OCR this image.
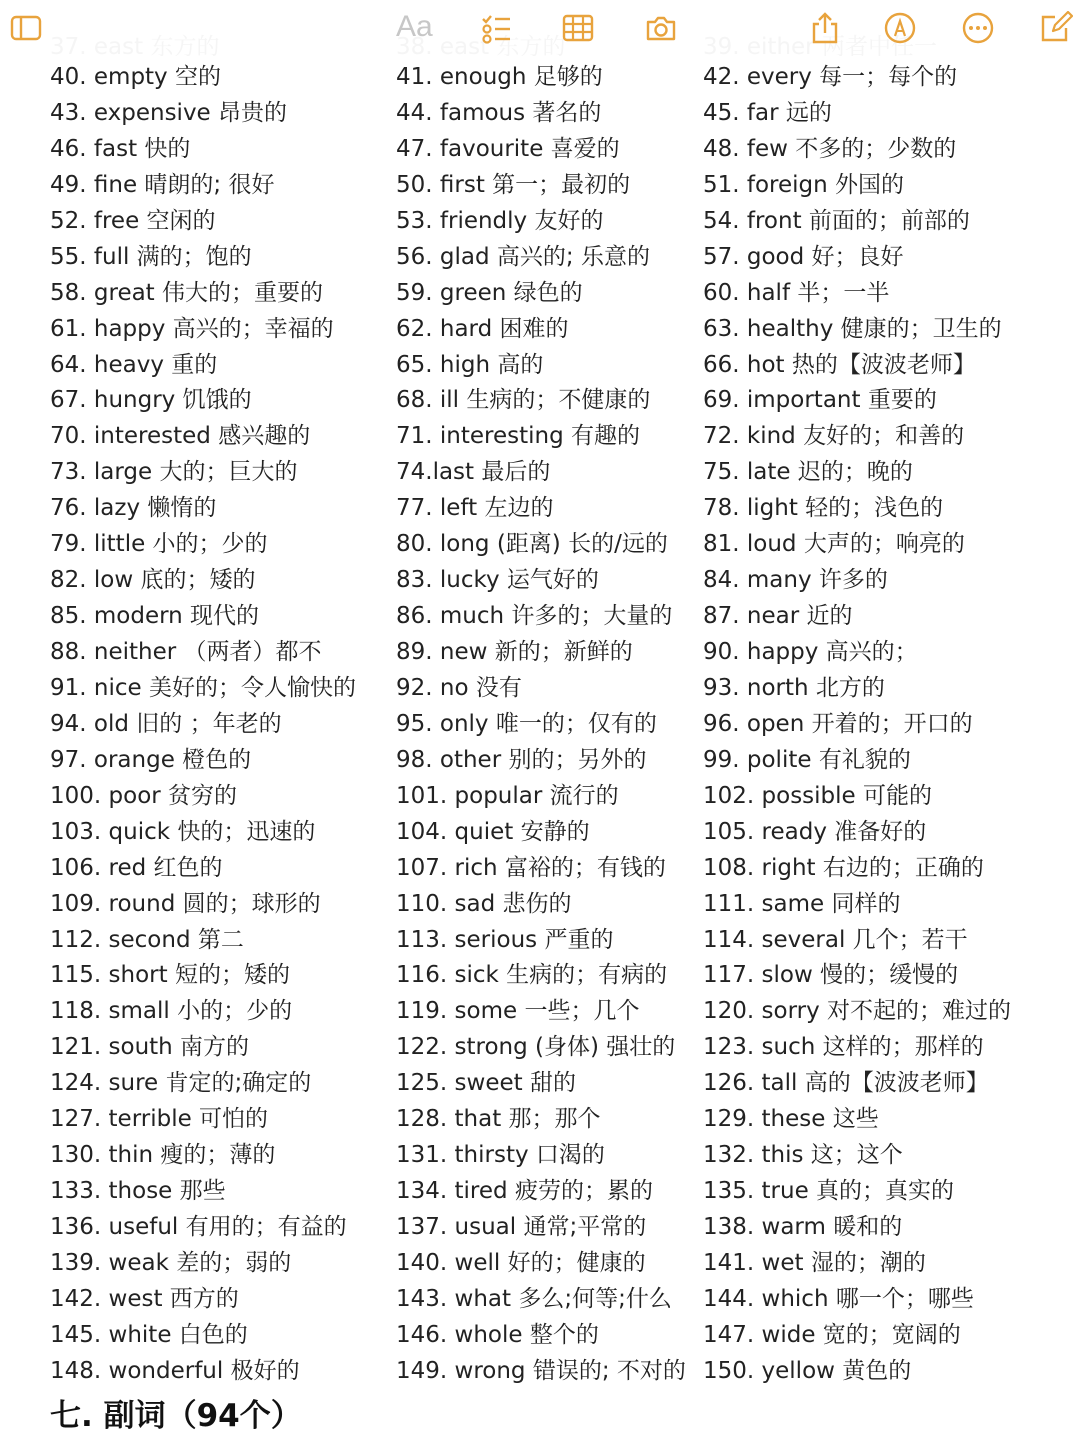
Aa
40. empty 空的	41. enough 足够的	42. every 每一；每个的
43. expensive 昂贵的	44. famous 著名的	45. far 远的
46. fast 快的	47. favourite 喜爱的	48. few 不多的；少数的
49. fine 晴朗的; 很好	50. first 第一；最初的	51. foreign 外国的
52. free 空闲的	53. friendly 友好的	54. front 前面的；前部的
55. full 满的；饱的	56. glad 高兴的; 乐意的 57. good 好；良好
58. great 伟大的；重要的	59. green 绿色的	60. half 半；一半
61. happy 高兴的；幸福的	62. hard 困难的	63. healthy 健康的；卫生的
64. heavy 重的	65. high 高的	66. hot 热的【波波老师】
67. hungry 饥饿的	68. ill 生病的；不健康的 69. important 重要的
70. interested 感兴趣的	71. interesting 有趣的	72. kind 友好的；和善的
73. large 大的；巨大的	74.last 最后的	75. late 迟的；晚的
76. lazy 懒惰的	77. left 左边的	78. light 轻的；浅色的
79. little 小的；少的	80. long (距离) 长的/远的 81. loud 大声的；响亮的
82. low 底的；矮的	83. lucky 运气好的	84. many 许多的
85. modern 现代的	86. much 许多的；大量的 87. near 近的
88. neither （两者）都不	89. new 新的；新鲜的	90. happy 高兴的；
91. nice 美好的；令人愉快的 92. no 没有	93. north 北方的
94. old 旧的 ；年老的	95. only 唯一的；仅有的 96. open 开着的；开口的
97. orange 橙色的	98. other 别的；另外的 99. polite 有礼貌的
100. poor 贫穷的	101. popular 流行的	102. possible 可能的
103. quick 快的；迅速的	104. quiet 安静的	105. ready 准备好的
106. red 红色的	107. rich 富裕的；有钱的 108. right 右边的；正确的
109. round 圆的；球形的	110. sad 悲伤的	111. same 同样的
112. second 第二	113. serious 严重的	114. several 几个；若干
115. short 短的；矮的	116. sick 生病的；有病的 117. slow 慢的；缓慢的
118. small 小的；少的	119. some 一些；几个	120. sorry 对不起的；难过的
121. south 南方的	122. strong (身体) 强壮的 123. such 这样的；那样的
124. sure 肯定的;确定的	125. sweet 甜的	126. tall 高的【波波老师】
127. terrible 可怕的	128. that 那；那个	129. these 这些
130. thin 瘦的；薄的	131. thirsty 口渴的	132. this 这；这个
133. those 那些	134. tired 疲劳的；累的 135. true 真的；真实的
136. useful 有用的；有益的 137. usual 通常;平常的 138. warm 暖和的
139. weak 差的；弱的	140. well 好的；健康的 141. wet 湿的；潮的
142. west 西方的	143. what 多么;何等;什么 144. which 哪一个；哪些
145. white 白色的	146. whole 整个的	147. wide 宽的；宽阔的
148. wonderful 极好的	149. wrong 错误的; 不对的 150. yellow 黄色的
七. 副词（94个）
